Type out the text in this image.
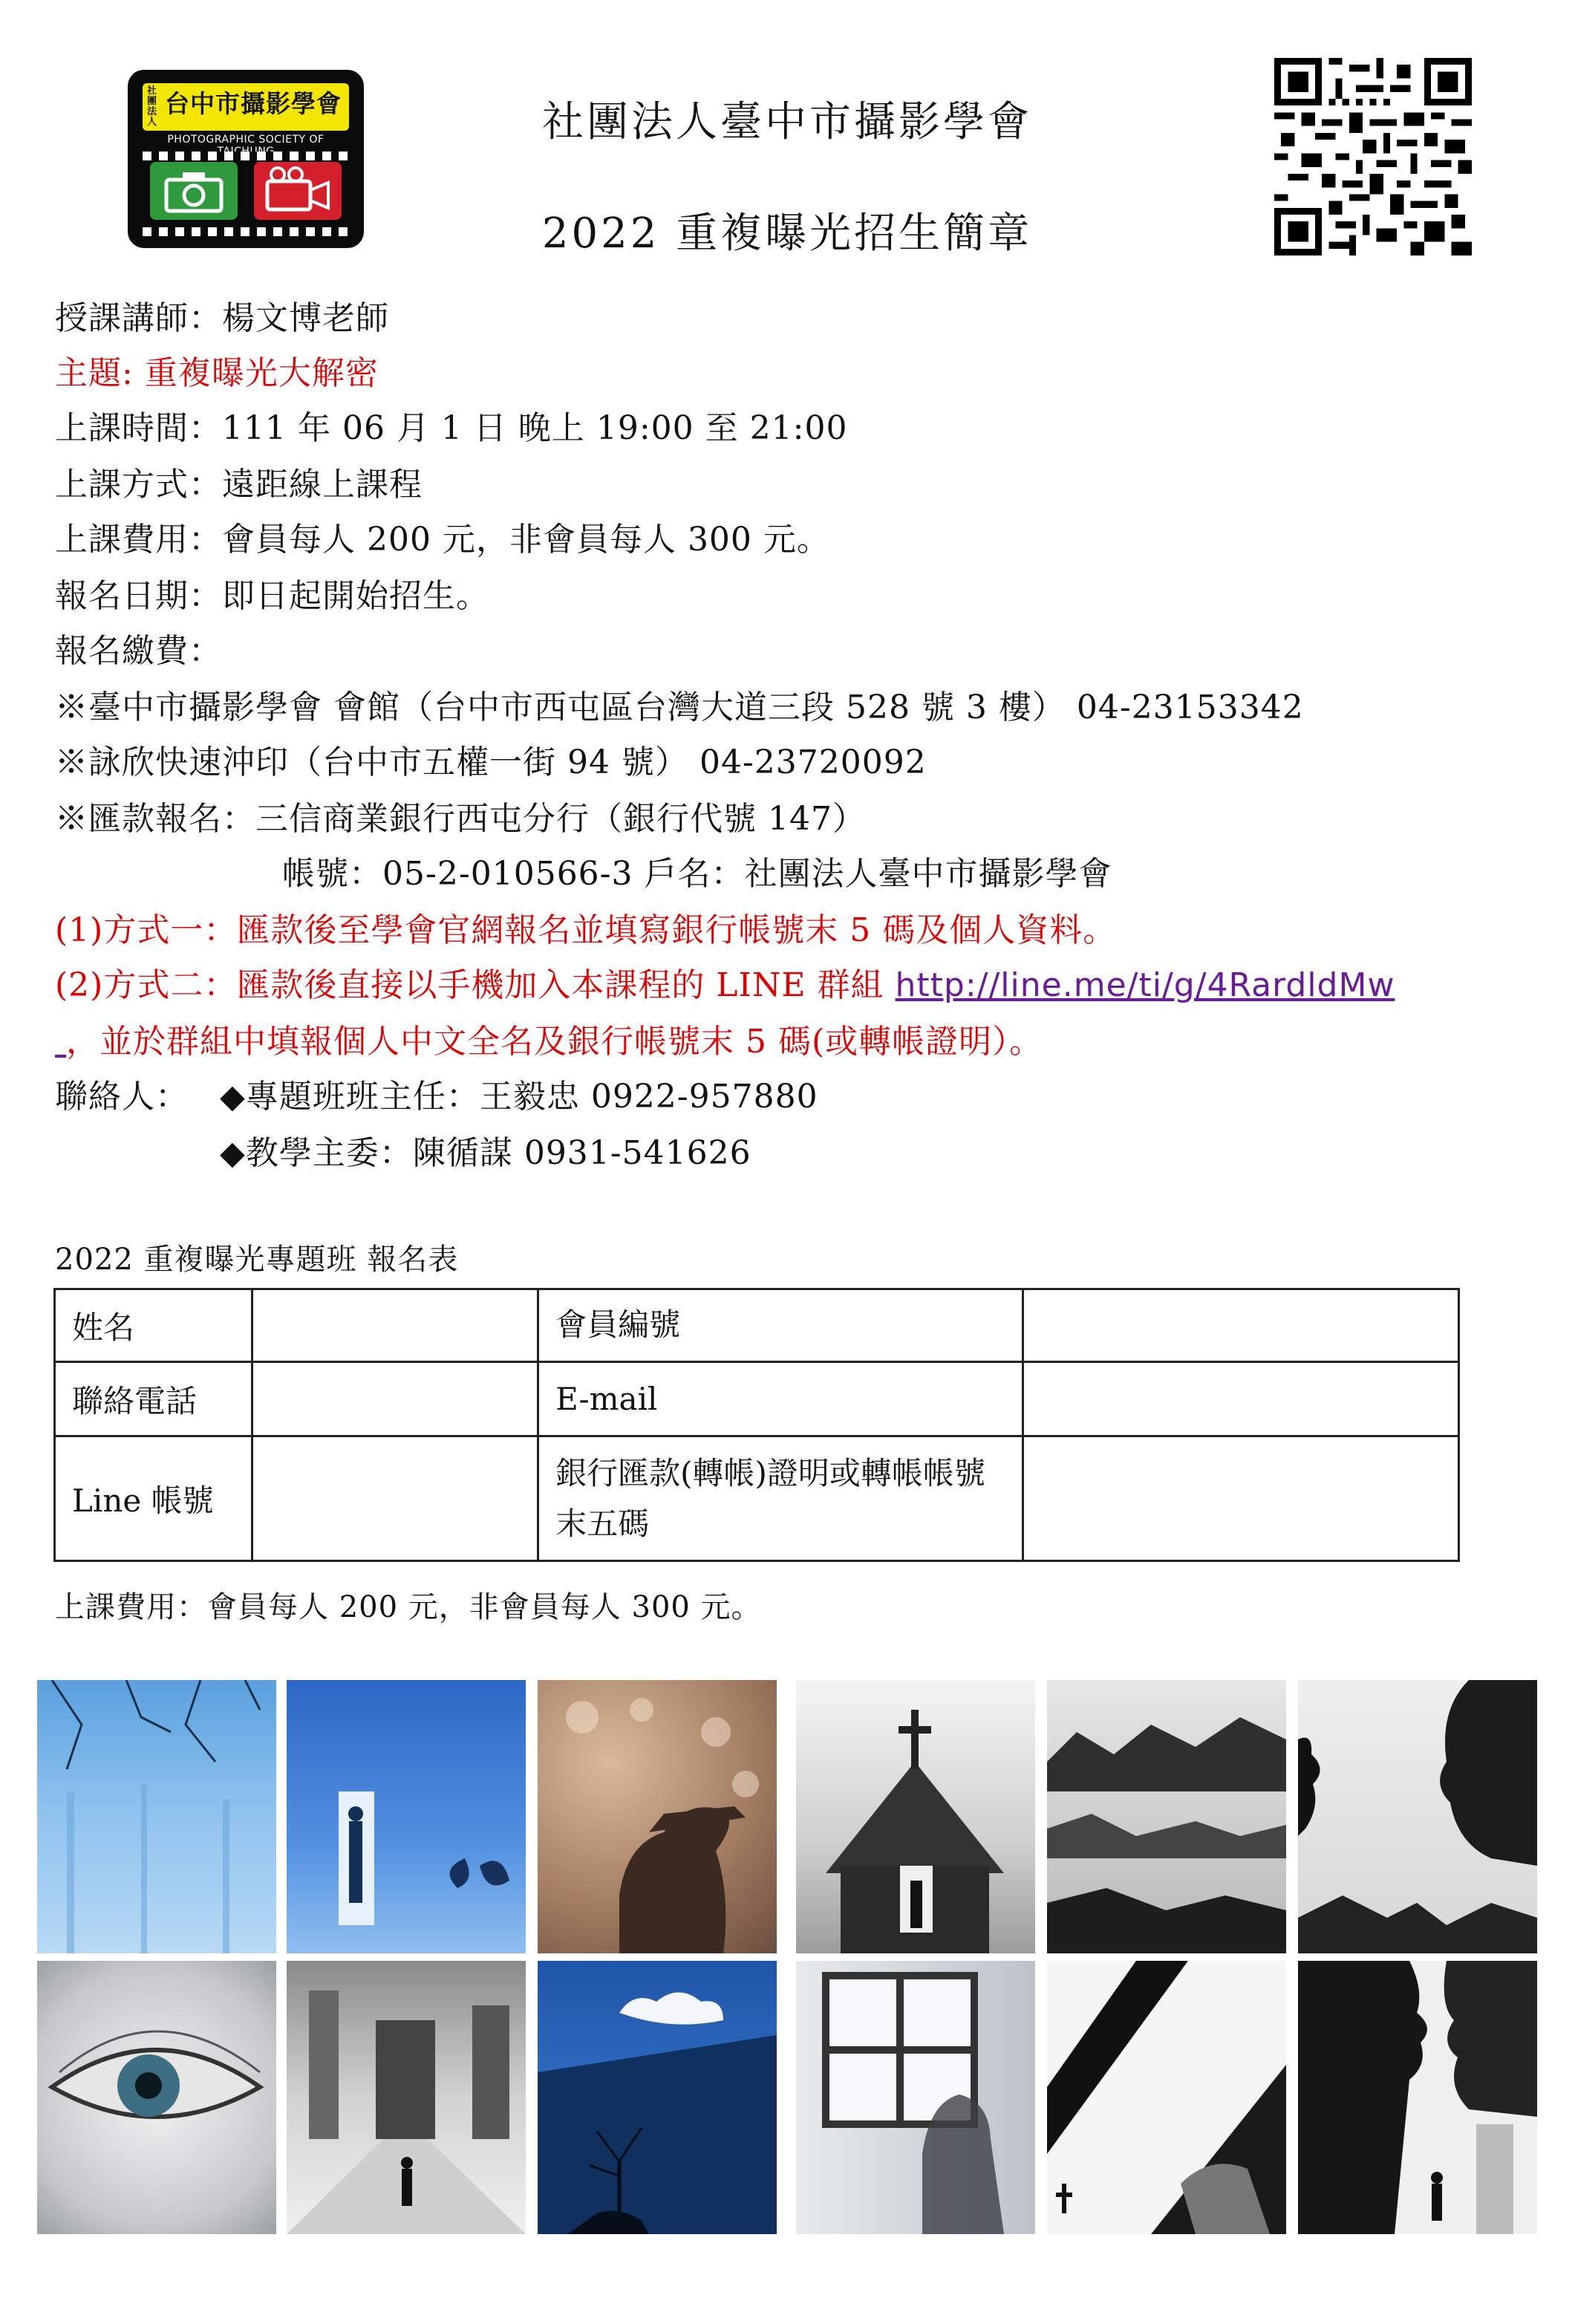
社團法人
台中市攝影學會
PHOTOGRAPHIC SOCIETY OF	社團法人臺中市攝影學會
2022 重複曝光招生簡章
授課講師：楊文博老師
主題: 重複曝光大解密
上課時間：111 年 06 月 1 日 晚上 19:00 至 21:00
上課方式：遠距線上課程
上課費用：會員每人 200 元，非會員每人 300 元。
報名日期：即日起開始招生。
報名繳費：
※臺中市攝影學會 會館（台中市西屯區台灣大道三段 528 號 3 樓） 04-23153342
※詠欣快速沖印（台中市五權一街 94 號） 04-23720092
※匯款報名：三信商業銀行西屯分行（銀行代號 147）
帳號：05-2-010566-3 戶名：社團法人臺中市攝影學會
(1)方式一：匯款後至學會官網報名並填寫銀行帳號末 5 碼及個人資料。
(2)方式二：匯款後直接以手機加入本課程的 LINE 群組 http://line.me/ti/g/4RardldMw
，並於群組中填報個人中文全名及銀行帳號末 5 碼(或轉帳證明）。
聯絡人： ◆專題班班主任：王毅忠 0922-957880
◆教學主委：陳循謀 0931-541626
2022 重複曝光專題班 報名表
姓名		會員編號	
聯絡電話		E-mail	
Line 帳號		銀行匯款(轉帳)證明或轉帳帳號末五碼	
上課費用：會員每人 200 元，非會員每人 300 元。
